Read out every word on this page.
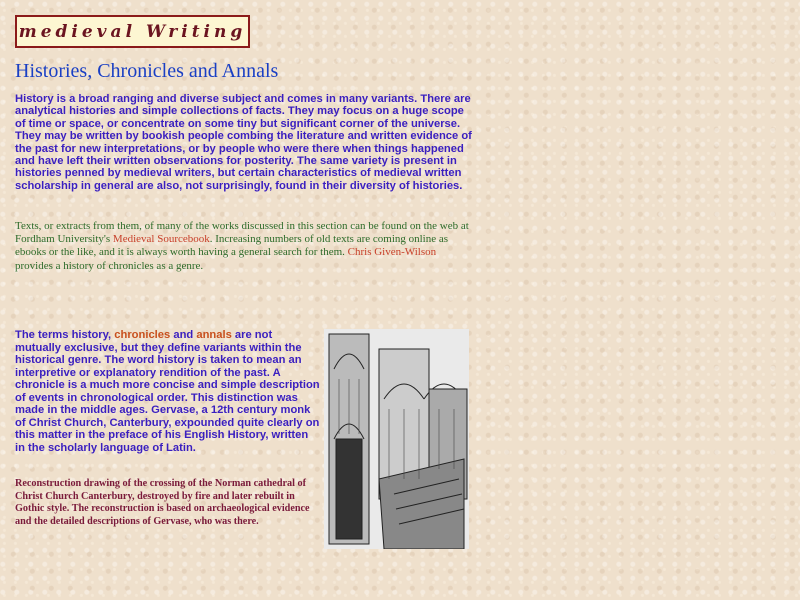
medieval Writing
Histories, Chronicles and Annals

History is a broad ranging and diverse subject and comes in many variants. There are analytical histories and simple collections of facts. They may focus on a huge scope of time or space, or concentrate on some tiny but significant corner of the universe. They may be written by bookish people combing the literature and written evidence of the past for new interpretations, or by people who were there when things happened and have left their written observations for posterity. The same variety is present in histories penned by medieval writers, but certain characteristics of medieval written scholarship in general are also, not surprisingly, found in their diversity of histories.

Texts, or extracts from them, of many of the works discussed in this section can be found on the web at Fordham University's Medieval Sourcebook. Increasing numbers of old texts are coming online as ebooks or the like, and it is always worth having a general search for them. Chris Given-Wilson provides a history of chronicles as a genre.

The terms history, chronicles and annals are not mutually exclusive, but they define variants within the historical genre. The word history is taken to mean an interpretive or explanatory rendition of the past. A chronicle is a much more concise and simple description of events in chronological order. This distinction was made in the middle ages. Gervase, a 12th century monk of Christ Church, Canterbury, expounded quite clearly on this matter in the preface of his English History, written in the scholarly language of Latin.

Reconstruction drawing of the crossing of the Norman cathedral of Christ Church Canterbury, destroyed by fire and later rebuilt in Gothic style. The reconstruction is based on archaeological evidence and the detailed descriptions of Gervase, who was there.
